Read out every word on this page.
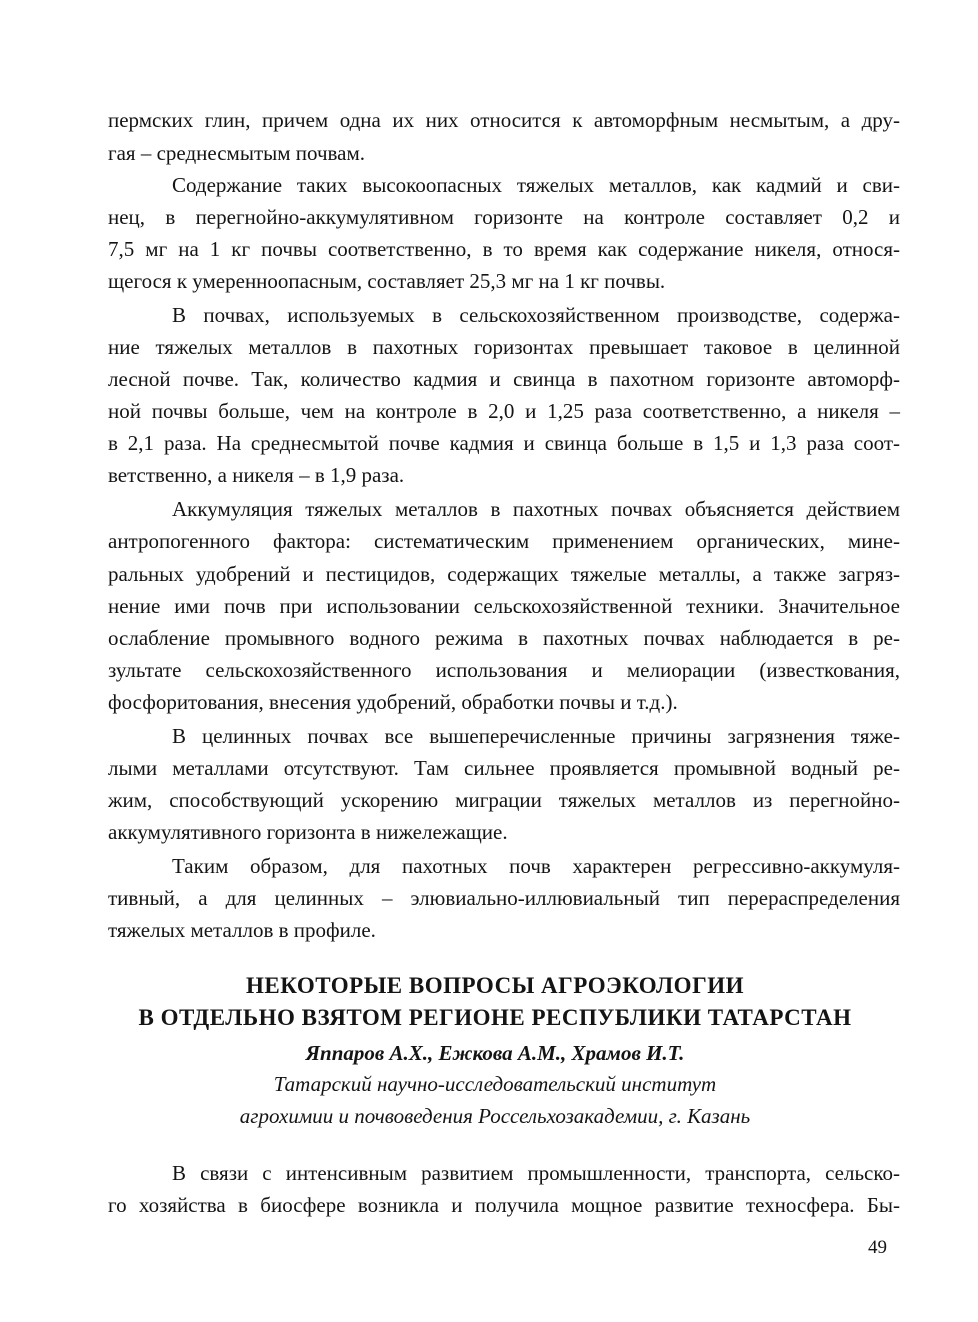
пермских глин, причем одна их них относится к автоморфным несмытым, а дру-
гая – среднесмытым почвам.
Содержание таких высокоопасных тяжелых металлов, как кадмий и сви-
нец, в перегнойно-аккумулятивном горизонте на контроле составляет 0,2 и
7,5 мг на 1 кг почвы соответственно, в то время как содержание никеля, относя-
щегося к умереннoопасным, составляет 25,3 мг на 1 кг почвы.
В почвах, используемых в сельскохозяйственном производстве, содержа-
ние тяжелых металлов в пахотных горизонтах превышает таковое в целинной
лесной почве. Так, количество кадмия и свинца в пахотном горизонте автоморф-
ной почвы больше, чем на контроле в 2,0 и 1,25 раза соответственно, а никеля –
в 2,1 раза. На среднесмытой почве кадмия и свинца больше в 1,5 и 1,3 раза соот-
ветственно, а никеля – в 1,9 раза.
Аккумуляция тяжелых металлов в пахотных почвах объясняется действием
антропогенного фактора: систематическим применением органических, мине-
ральных удобрений и пестицидов, содержащих тяжелые металлы, а также загряз-
нение ими почв при использовании сельскохозяйственной техники. Значительное
ослабление промывного водного режима в пахотных почвах наблюдается в ре-
зультате сельскохозяйственного использования и мелиорации (известкования,
фосфоритования, внесения удобрений, обработки почвы и т.д.).
В целинных почвах все вышеперечисленные причины загрязнения тяже-
лыми металлами отсутствуют. Там сильнее проявляется промывной водный ре-
жим, способствующий ускорению миграции тяжелых металлов из перегнойно-
аккумулятивного горизонта в нижележащие.
Таким образом, для пахотных почв характерен регрессивно-аккумуля-
тивный, а для целинных – элювиально-иллювиальный тип перераспределения
тяжелых металлов в профиле.
НЕКОТОРЫЕ ВОПРОСЫ АГРОЭКОЛОГИИ
В ОТДЕЛЬНО ВЗЯТОМ РЕГИОНЕ РЕСПУБЛИКИ ТАТАРСТАН
Яппаров А.Х., Ежкова А.М., Храмов И.Т.
Татарский научно-исследовательский институт
агрохимии и почвоведения Россельхозакадемии, г. Казань
В связи с интенсивным развитием промышленности, транспорта, сельско-
го хозяйства в биосфере возникла и получила мощное развитие техносфера. Бы-
49
